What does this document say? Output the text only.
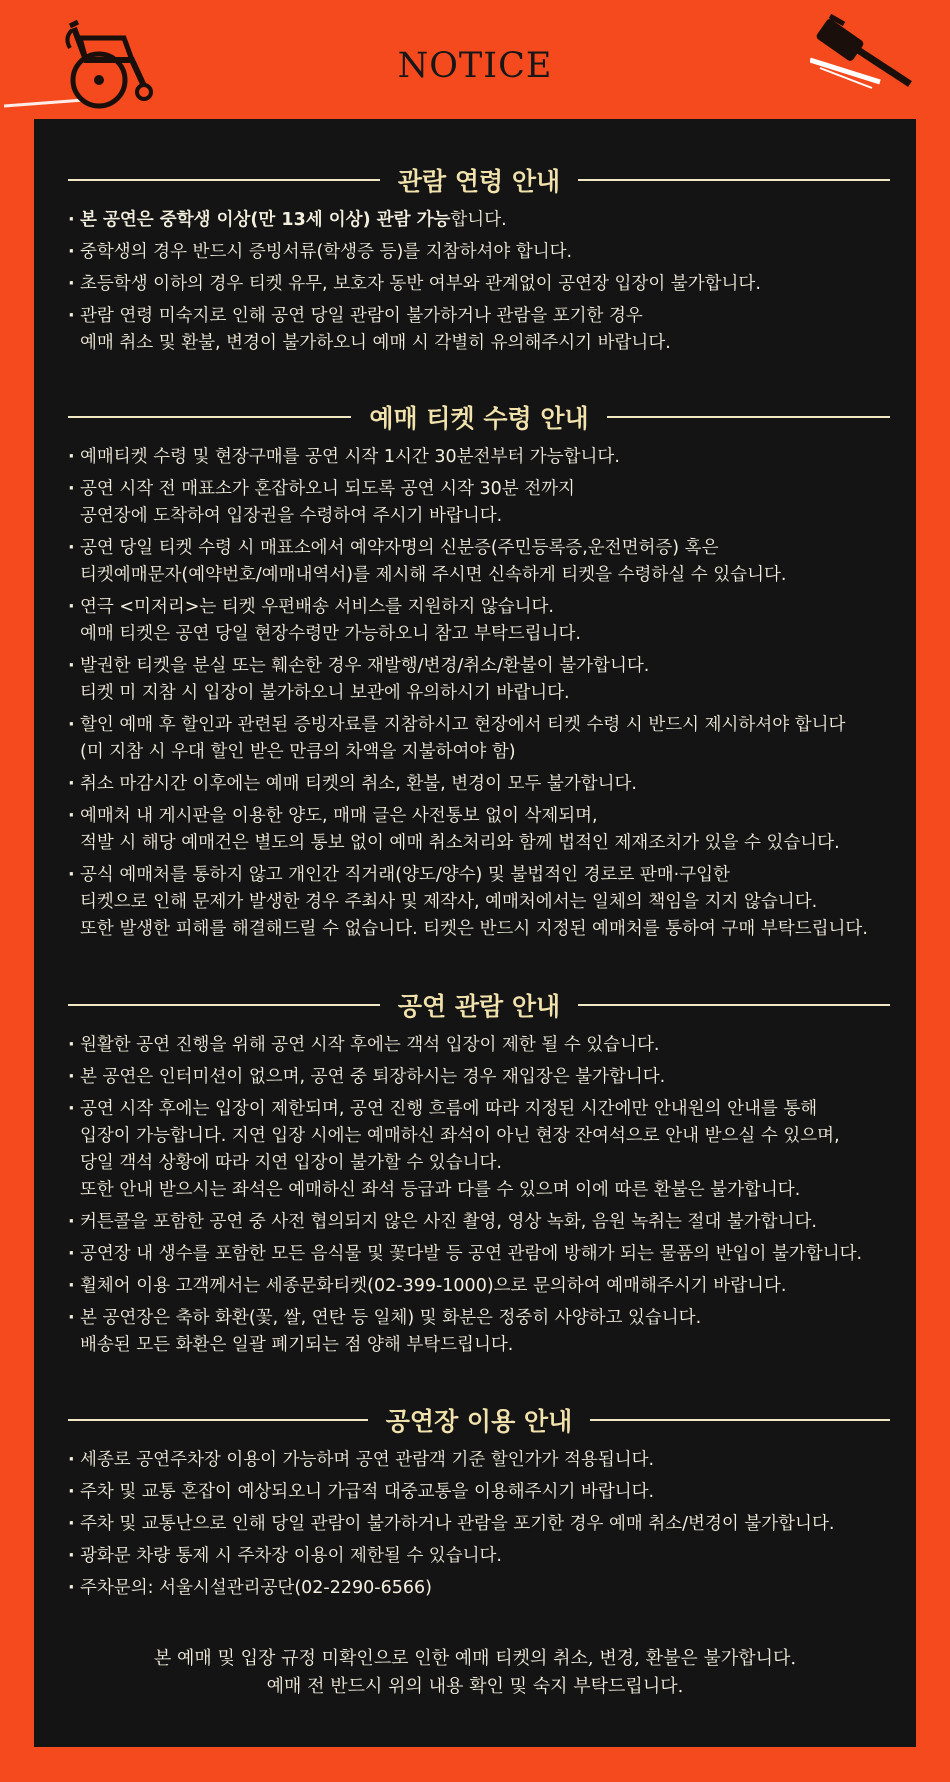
NOTICE
관람 연령 안내
· 본 공연은 중학생 이상(만 13세 이상) 관람 가능합니다.
· 중학생의 경우 반드시 증빙서류(학생증 등)를 지참하셔야 합니다.
· 초등학생 이하의 경우 티켓 유무, 보호자 동반 여부와 관계없이 공연장 입장이 불가합니다.
· 관람 연령 미숙지로 인해 공연 당일 관람이 불가하거나 관람을 포기한 경우
예매 취소 및 환불, 변경이 불가하오니 예매 시 각별히 유의해주시기 바랍니다.
예매 티켓 수령 안내
· 예매티켓 수령 및 현장구매를 공연 시작 1시간 30분전부터 가능합니다.
· 공연 시작 전 매표소가 혼잡하오니 되도록 공연 시작 30분 전까지
공연장에 도착하여 입장권을 수령하여 주시기 바랍니다.
· 공연 당일 티켓 수령 시 매표소에서 예약자명의 신분증(주민등록증,운전면허증) 혹은
티켓예매문자(예약번호/예매내역서)를 제시해 주시면 신속하게 티켓을 수령하실 수 있습니다.
· 연극 <미저리>는 티켓 우편배송 서비스를 지원하지 않습니다.
예매 티켓은 공연 당일 현장수령만 가능하오니 참고 부탁드립니다.
· 발권한 티켓을 분실 또는 훼손한 경우 재발행/변경/취소/환불이 불가합니다.
티켓 미 지참 시 입장이 불가하오니 보관에 유의하시기 바랍니다.
· 할인 예매 후 할인과 관련된 증빙자료를 지참하시고 현장에서 티켓 수령 시 반드시 제시하셔야 합니다
(미 지참 시 우대 할인 받은 만큼의 차액을 지불하여야 함)
· 취소 마감시간 이후에는 예매 티켓의 취소, 환불, 변경이 모두 불가합니다.
· 예매처 내 게시판을 이용한 양도, 매매 글은 사전통보 없이 삭제되며,
적발 시 해당 예매건은 별도의 통보 없이 예매 취소처리와 함께 법적인 제재조치가 있을 수 있습니다.
· 공식 예매처를 통하지 않고 개인간 직거래(양도/양수) 및 불법적인 경로로 판매·구입한
티켓으로 인해 문제가 발생한 경우 주최사 및 제작사, 예매처에서는 일체의 책임을 지지 않습니다.
또한 발생한 피해를 해결해드릴 수 없습니다. 티켓은 반드시 지정된 예매처를 통하여 구매 부탁드립니다.
공연 관람 안내
· 원활한 공연 진행을 위해 공연 시작 후에는 객석 입장이 제한 될 수 있습니다.
· 본 공연은 인터미션이 없으며, 공연 중 퇴장하시는 경우 재입장은 불가합니다.
· 공연 시작 후에는 입장이 제한되며, 공연 진행 흐름에 따라 지정된 시간에만 안내원의 안내를 통해
입장이 가능합니다. 지연 입장 시에는 예매하신 좌석이 아닌 현장 잔여석으로 안내 받으실 수 있으며,
당일 객석 상황에 따라 지연 입장이 불가할 수 있습니다.
또한 안내 받으시는 좌석은 예매하신 좌석 등급과 다를 수 있으며 이에 따른 환불은 불가합니다.
· 커튼콜을 포함한 공연 중 사전 협의되지 않은 사진 촬영, 영상 녹화, 음원 녹취는 절대 불가합니다.
· 공연장 내 생수를 포함한 모든 음식물 및 꽃다발 등 공연 관람에 방해가 되는 물품의 반입이 불가합니다.
· 휠체어 이용 고객께서는 세종문화티켓(02-399-1000)으로 문의하여 예매해주시기 바랍니다.
· 본 공연장은 축하 화환(꽃, 쌀, 연탄 등 일체) 및 화분은 정중히 사양하고 있습니다.
배송된 모든 화환은 일괄 폐기되는 점 양해 부탁드립니다.
공연장 이용 안내
· 세종로 공연주차장 이용이 가능하며 공연 관람객 기준 할인가가 적용됩니다.
· 주차 및 교통 혼잡이 예상되오니 가급적 대중교통을 이용해주시기 바랍니다.
· 주차 및 교통난으로 인해 당일 관람이 불가하거나 관람을 포기한 경우 예매 취소/변경이 불가합니다.
· 광화문 차량 통제 시 주차장 이용이 제한될 수 있습니다.
· 주차문의: 서울시설관리공단(02-2290-6566)
본 예매 및 입장 규정 미확인으로 인한 예매 티켓의 취소, 변경, 환불은 불가합니다.
예매 전 반드시 위의 내용 확인 및 숙지 부탁드립니다.
